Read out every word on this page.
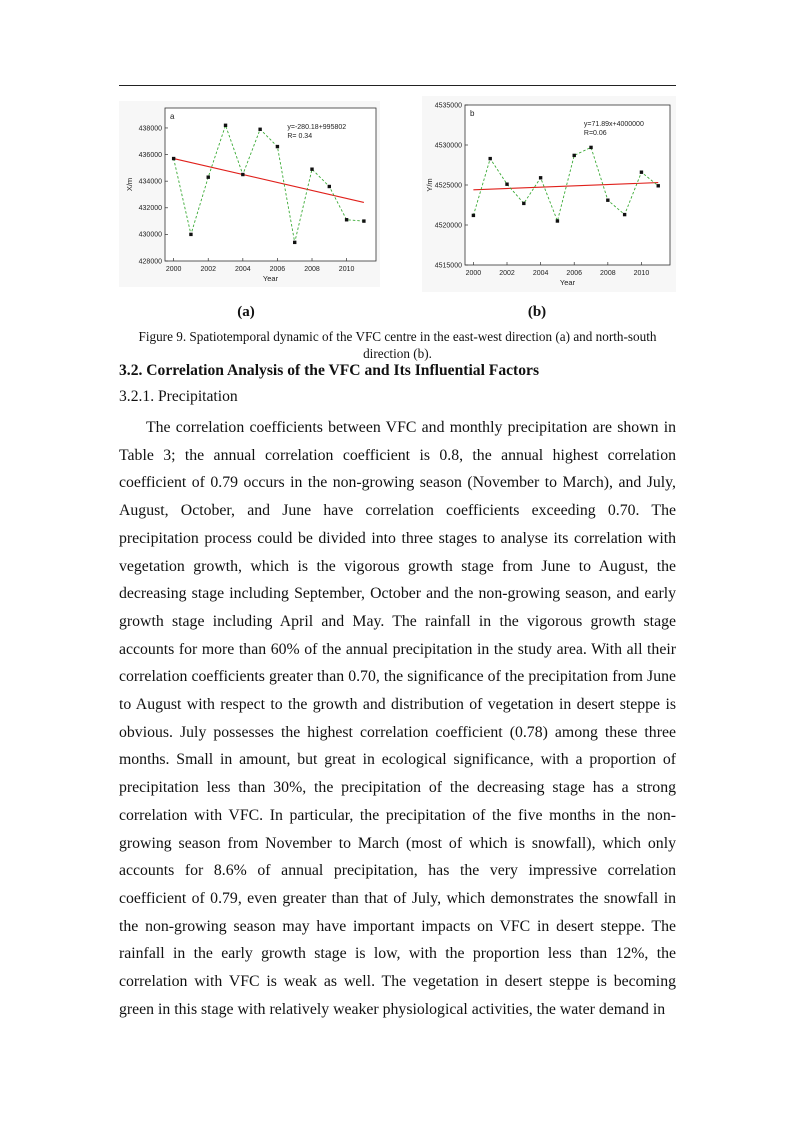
428000
430000
432000
434000
436000
438000
2000	2002	2004	2006	2008	2010
Year
X/m
a
y=-280.18+995802
R= 0.34
4515000
4520000
4525000
4530000
4535000
2000	2002	2004	2006	2008	2010
Year
Y/m
b
y=71.89x+4000000
R=0.06
(a)	(b)
Figure 9. Spatiotemporal dynamic of the VFC centre in the east-west direction (a) and north-south direction (b).
3.2. Correlation Analysis of the VFC and Its Influential Factors
3.2.1. Precipitation

The correlation coefficients between VFC and monthly precipitation are shown in Table 3; the annual correlation coefficient is 0.8, the annual highest correlation coefficient of 0.79 occurs in the non-growing season (November to March), and July, August, October, and June have correlation coefficients exceeding 0.70. The precipitation process could be divided into three stages to analyse its correlation with vegetation growth, which is the vigorous growth stage from June to August, the decreasing stage including September, October and the non-growing season, and early growth stage including April and May. The rainfall in the vigorous growth stage accounts for more than 60% of the annual precipitation in the study area. With all their correlation coefficients greater than 0.70, the significance of the precipitation from June to August with respect to the growth and distribution of vegetation in desert steppe is obvious. July possesses the highest correlation coefficient (0.78) among these three months. Small in amount, but great in ecological significance, with a proportion of precipitation less than 30%, the precipitation of the decreasing stage has a strong correlation with VFC. In particular, the precipitation of the five months in the non-growing season from November to March (most of which is snowfall), which only accounts for 8.6% of annual precipitation, has the very impressive correlation coefficient of 0.79, even greater than that of July, which demonstrates the snowfall in the non-growing season may have important impacts on VFC in desert steppe. The rainfall in the early growth stage is low, with the proportion less than 12%, the correlation with VFC is weak as well. The vegetation in desert steppe is becoming green in this stage with relatively weaker physiological activities, the water demand in
